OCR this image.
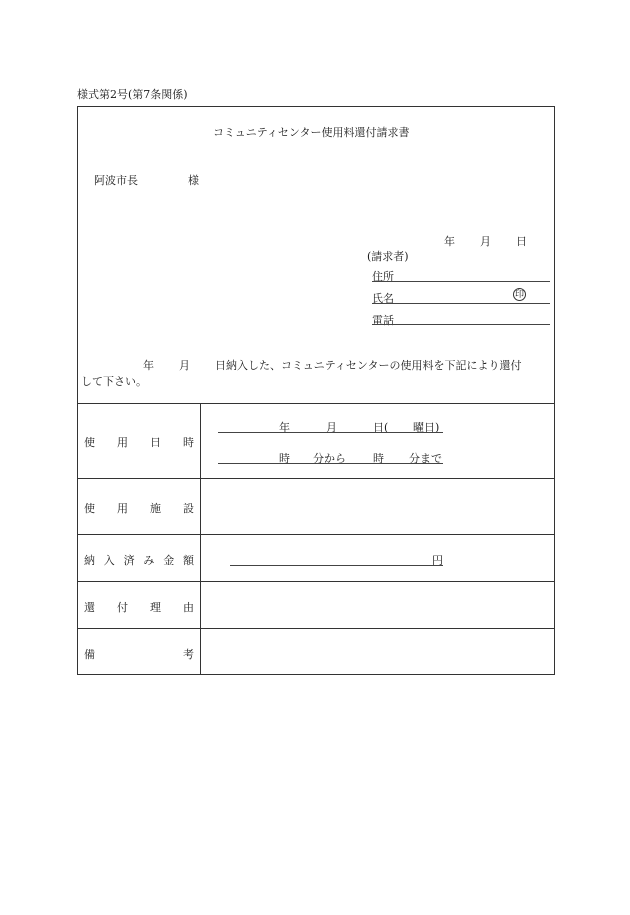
様式第2号(第7条関係)
コミュニティセンター使用料還付請求書
阿波市長	様
年 月 日
(請求者)
住所
氏名	印
電話
年 月 日納入した、コミュニティセンターの使用料を下記により還付
して下さい。
使 用 日 時
年	月	日( 曜日)
時 分から 時 分まで
使 用 施 設
納 入 済 み 金 額	円
還 付 理 由
備	考
